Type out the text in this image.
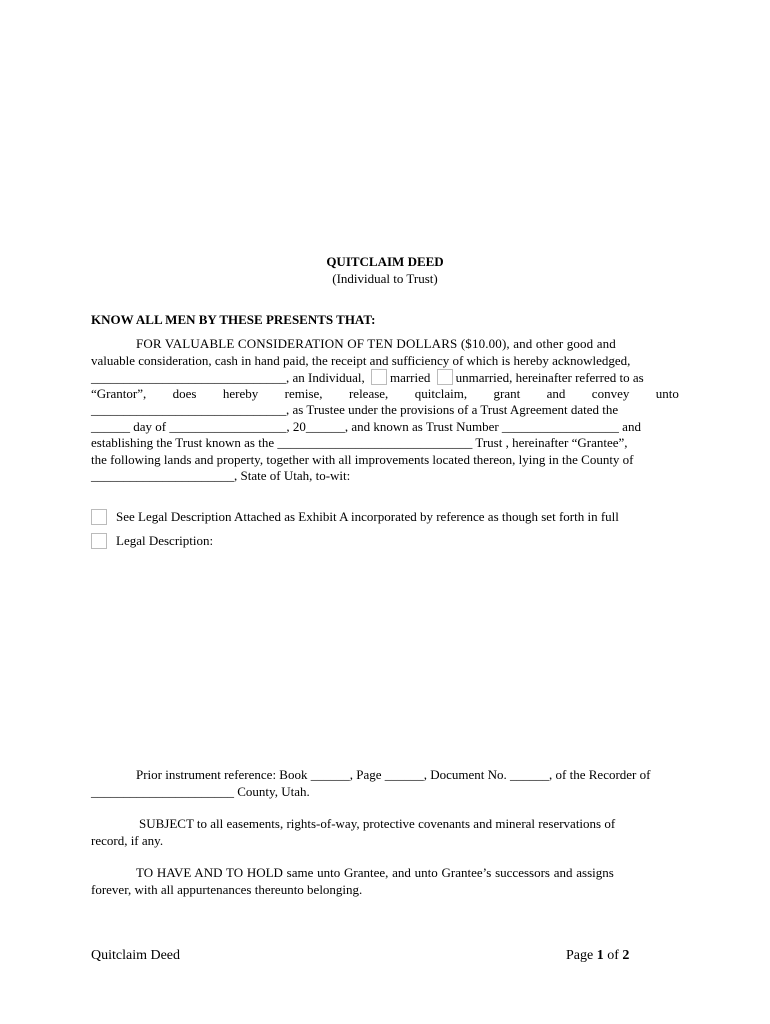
QUITCLAIM DEED
(Individual to Trust)
KNOW ALL MEN BY THESE PRESENTS THAT:
FOR VALUABLE CONSIDERATION OF TEN DOLLARS ($10.00), and other good and
valuable consideration, cash in hand paid, the receipt and sufficiency of which is hereby acknowledged,
______________________________, an Individual, married unmarried, hereinafter referred to as
“Grantor”, does hereby remise, release, quitclaim, grant and convey unto
______________________________, as Trustee under the provisions of a Trust Agreement dated the
______ day of __________________, 20______, and known as Trust Number __________________ and
establishing the Trust known as the ______________________________ Trust , hereinafter “Grantee”,
the following lands and property, together with all improvements located thereon, lying in the County of
______________________, State of Utah, to-wit:
See Legal Description Attached as Exhibit A incorporated by reference as though set forth in full
Legal Description:
Prior instrument reference: Book ______, Page ______, Document No. ______, of the Recorder of
______________________ County, Utah.
SUBJECT to all easements, rights-of-way, protective covenants and mineral reservations of
record, if any.
TO HAVE AND TO HOLD same unto Grantee, and unto Grantee’s successors and assigns
forever, with all appurtenances thereunto belonging.
Quitclaim Deed	Page 1 of 2
